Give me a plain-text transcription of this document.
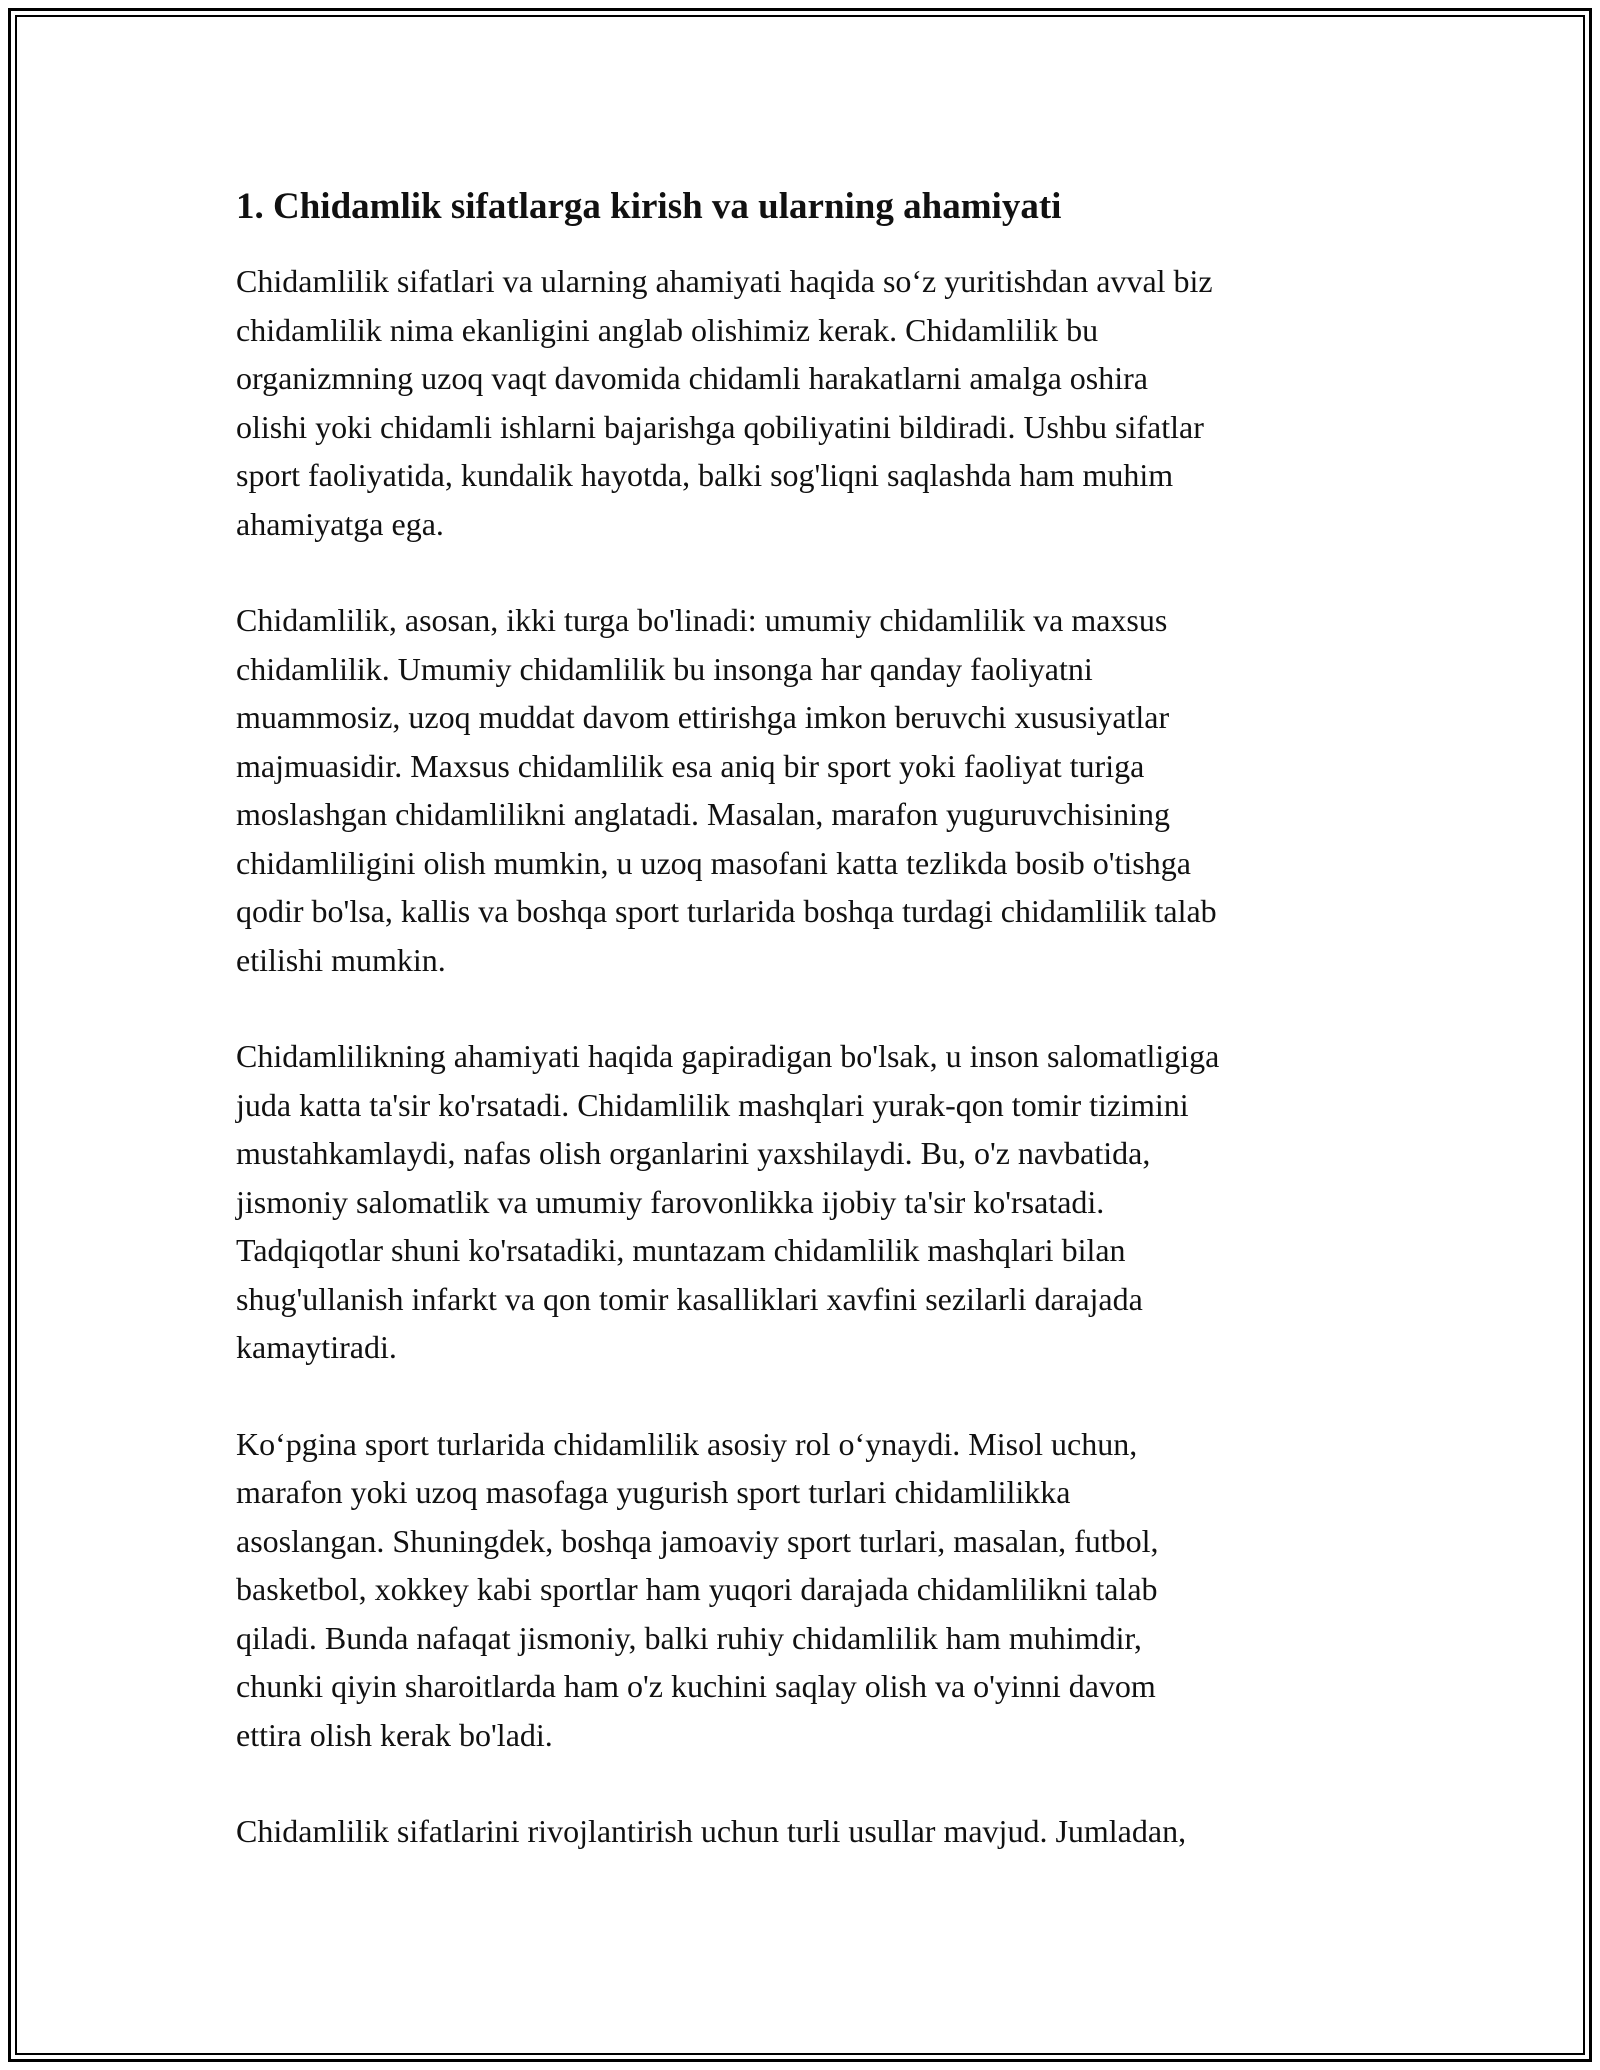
1. Chidamlik sifatlarga kirish va ularning ahamiyati

Chidamlilik sifatlari va ularning ahamiyati haqida so‘z yuritishdan avval biz
chidamlilik nima ekanligini anglab olishimiz kerak. Chidamlilik bu
organizmning uzoq vaqt davomida chidamli harakatlarni amalga oshira
olishi yoki chidamli ishlarni bajarishga qobiliyatini bildiradi. Ushbu sifatlar
sport faoliyatida, kundalik hayotda, balki sog'liqni saqlashda ham muhim
ahamiyatga ega.

Chidamlilik, asosan, ikki turga bo'linadi: umumiy chidamlilik va maxsus
chidamlilik. Umumiy chidamlilik bu insonga har qanday faoliyatni
muammosiz, uzoq muddat davom ettirishga imkon beruvchi xususiyatlar
majmuasidir. Maxsus chidamlilik esa aniq bir sport yoki faoliyat turiga
moslashgan chidamlilikni anglatadi. Masalan, marafon yuguruvchisining
chidamliligini olish mumkin, u uzoq masofani katta tezlikda bosib o'tishga
qodir bo'lsa, kallis va boshqa sport turlarida boshqa turdagi chidamlilik talab
etilishi mumkin.

Chidamlilikning ahamiyati haqida gapiradigan bo'lsak, u inson salomatligiga
juda katta ta'sir ko'rsatadi. Chidamlilik mashqlari yurak-qon tomir tizimini
mustahkamlaydi, nafas olish organlarini yaxshilaydi. Bu, o'z navbatida,
jismoniy salomatlik va umumiy farovonlikka ijobiy ta'sir ko'rsatadi.
Tadqiqotlar shuni ko'rsatadiki, muntazam chidamlilik mashqlari bilan
shug'ullanish infarkt va qon tomir kasalliklari xavfini sezilarli darajada
kamaytiradi.

Ko‘pgina sport turlarida chidamlilik asosiy rol o‘ynaydi. Misol uchun,
marafon yoki uzoq masofaga yugurish sport turlari chidamlilikka
asoslangan. Shuningdek, boshqa jamoaviy sport turlari, masalan, futbol,
basketbol, xokkey kabi sportlar ham yuqori darajada chidamlilikni talab
qiladi. Bunda nafaqat jismoniy, balki ruhiy chidamlilik ham muhimdir,
chunki qiyin sharoitlarda ham o'z kuchini saqlay olish va o'yinni davom
ettira olish kerak bo'ladi.

Chidamlilik sifatlarini rivojlantirish uchun turli usullar mavjud. Jumladan,
